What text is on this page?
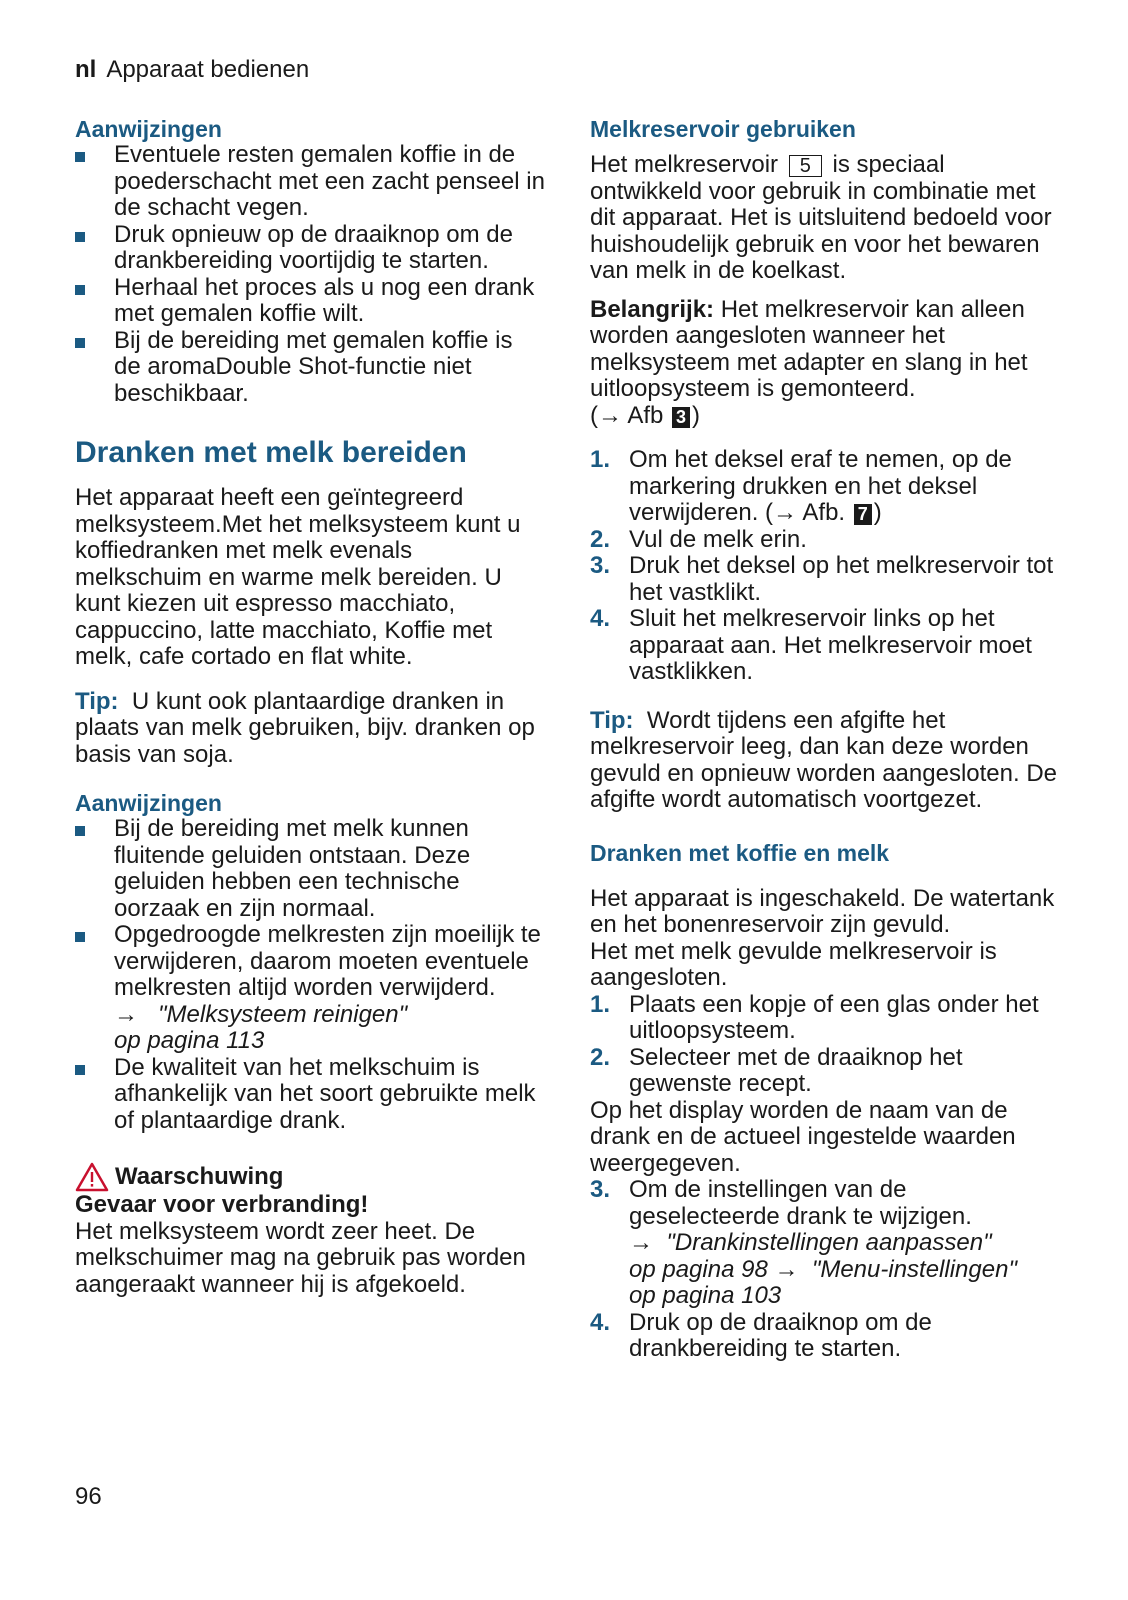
nl Apparaat bedienen
Aanwijzingen
Eventuele resten gemalen koffie in de poederschacht met een zacht penseel in de schacht vegen.
Druk opnieuw op de draaiknop om de drankbereiding voortijdig te starten.
Herhaal het proces als u nog een drank met gemalen koffie wilt.
Bij de bereiding met gemalen koffie is de aromaDouble Shot-functie niet beschikbaar.
Dranken met melk bereiden

Het apparaat heeft een geïntegreerd melksysteem.Met het melksysteem kunt u koffiedranken met melk evenals melkschuim en warme melk bereiden. U kunt kiezen uit espresso macchiato, cappuccino, latte macchiato, Koffie met melk, cafe cortado en flat white.

Tip: U kunt ook plantaardige dranken in plaats van melk gebruiken, bijv. dranken op basis van soja.

Aanwijzingen
Bij de bereiding met melk kunnen fluitende geluiden ontstaan. Deze geluiden hebben een technische oorzaak en zijn normaal.
Opgedroogde melkresten zijn moeilijk te verwijderen, daarom moeten eventuele melkresten altijd worden verwijderd.
→ "Melksysteem reinigen"
op pagina 113
De kwaliteit van het melkschuim is afhankelijk van het soort gebruikte melk of plantaardige drank.
Waarschuwing

Gevaar voor verbranding!

Het melksysteem wordt zeer heet. De melkschuimer mag na gebruik pas worden aangeraakt wanneer hij is afgekoeld.

Melkreservoir gebruiken

Het melkreservoir 5 is speciaal ontwikkeld voor gebruik in combinatie met dit apparaat. Het is uitsluitend bedoeld voor huishoudelijk gebruik en voor het bewaren van melk in de koelkast.

Belangrijk: Het melkreservoir kan alleen worden aangesloten wanneer het melksysteem met adapter en slang in het uitloopsysteem is gemonteerd.
(→ Afb 3 )

1. Om het deksel eraf te nemen, op de markering drukken en het deksel verwijderen. (→ Afb. 7 )
2. Vul de melk erin.
3. Druk het deksel op het melkreservoir tot het vastklikt.
4. Sluit het melkreservoir links op het apparaat aan. Het melkreservoir moet vastklikken.

Tip: Wordt tijdens een afgifte het melkreservoir leeg, dan kan deze worden gevuld en opnieuw worden aangesloten. De afgifte wordt automatisch voortgezet.

Dranken met koffie en melk

Het apparaat is ingeschakeld. De watertank en het bonenreservoir zijn gevuld.

Het met melk gevulde melkreservoir is aangesloten.

1. Plaats een kopje of een glas onder het uitloopsysteem.
2. Selecteer met de draaiknop het gewenste recept.

Op het display worden de naam van de drank en de actueel ingestelde waarden weergegeven.

3. Om de instellingen van de geselecteerde drank te wijzigen.
→ "Drankinstellingen aanpassen"
op pagina 98 → "Menu-instellingen"
op pagina 103
4. Druk op de draaiknop om de drankbereiding te starten.
96
